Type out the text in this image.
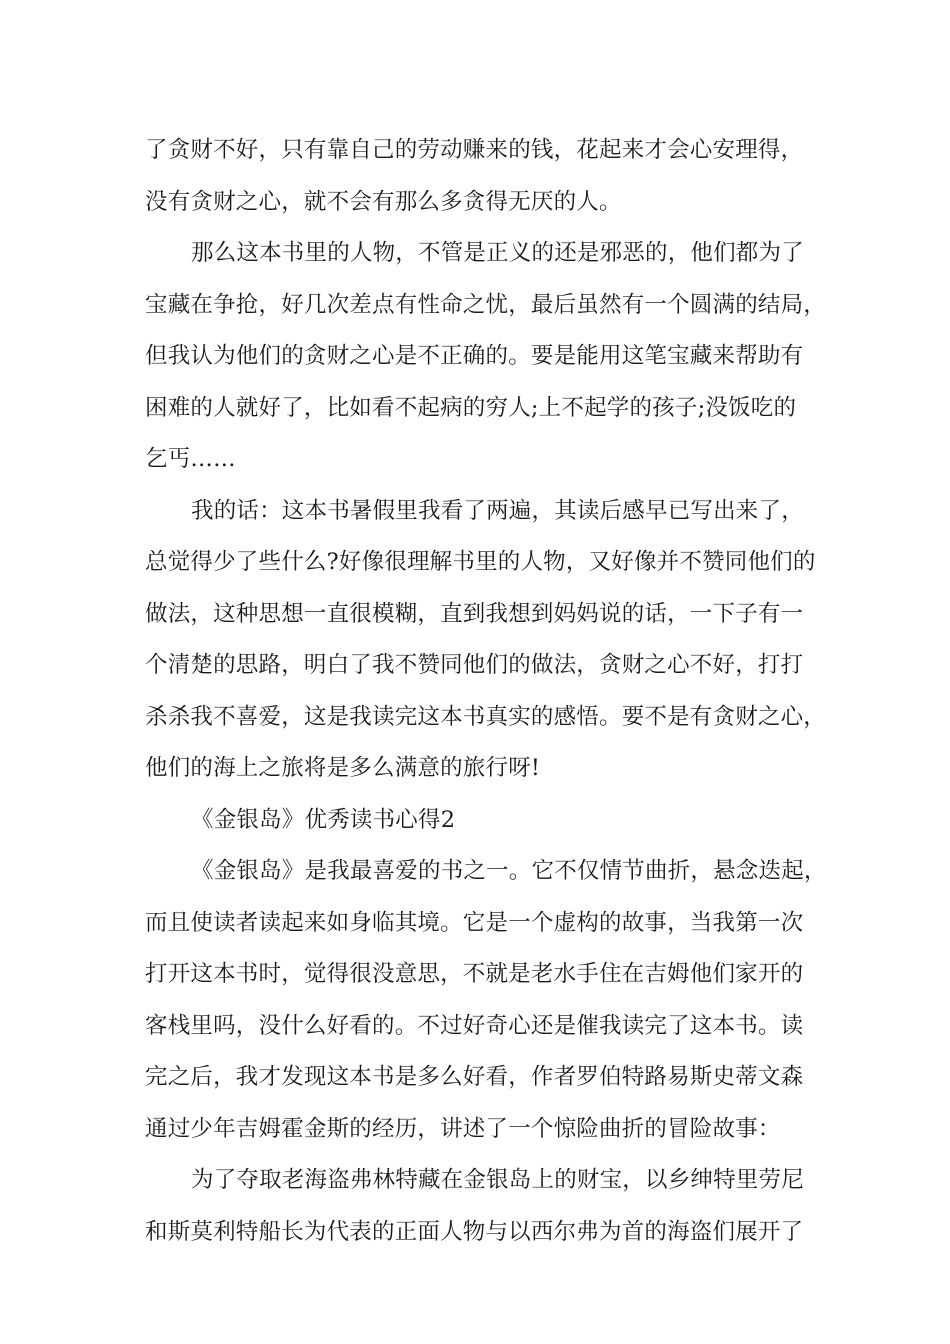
了贪财不好，只有靠自己的劳动赚来的钱，花起来才会心安理得，
没有贪财之心，就不会有那么多贪得无厌的人。
那么这本书里的人物，不管是正义的还是邪恶的，他们都为了
宝藏在争抢，好几次差点有性命之忧，最后虽然有一个圆满的结局，
但我认为他们的贪财之心是不正确的。要是能用这笔宝藏来帮助有
困难的人就好了，比如看不起病的穷人;上不起学的孩子;没饭吃的
乞丐……
我的话：这本书暑假里我看了两遍，其读后感早已写出来了，
总觉得少了些什么?好像很理解书里的人物，又好像并不赞同他们的
做法，这种思想一直很模糊，直到我想到妈妈说的话，一下子有一
个清楚的思路，明白了我不赞同他们的做法，贪财之心不好，打打
杀杀我不喜爱，这是我读完这本书真实的感悟。要不是有贪财之心，
他们的海上之旅将是多么满意的旅行呀!
《金银岛》优秀读书心得2
《金银岛》是我最喜爱的书之一。它不仅情节曲折，悬念迭起，
而且使读者读起来如身临其境。它是一个虚构的故事，当我第一次
打开这本书时，觉得很没意思，不就是老水手住在吉姆他们家开的
客栈里吗，没什么好看的。不过好奇心还是催我读完了这本书。读
完之后，我才发现这本书是多么好看，作者罗伯特路易斯史蒂文森
通过少年吉姆霍金斯的经历，讲述了一个惊险曲折的冒险故事：
为了夺取老海盗弗林特藏在金银岛上的财宝，以乡绅特里劳尼
和斯莫利特船长为代表的正面人物与以西尔弗为首的海盗们展开了
